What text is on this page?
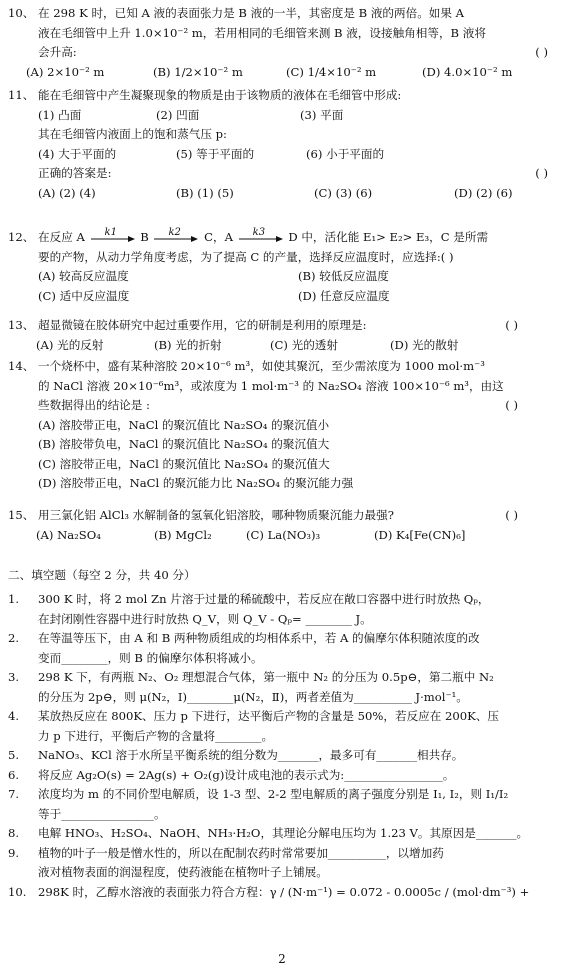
10、 在 298 K 时，已知 A 液的表面张力是 B 液的一半，其密度是 B 液的两倍。如果 A
液在毛细管中上升 1.0×10⁻² m，若用相同的毛细管来测 B 液，设接触角相等，B 液将
会升高:	( )
(A) 2×10⁻² m	(B) 1/2×10⁻² m	(C) 1/4×10⁻² m	(D) 4.0×10⁻² m
11、 能在毛细管中产生凝聚现象的物质是由于该物质的液体在毛细管中形成:
(1) 凸面	(2) 凹面	(3) 平面
其在毛细管内液面上的饱和蒸气压 p:
(4) 大于平面的	(5) 等于平面的	(6) 小于平面的
正确的答案是:	( )
(A) (2) (4)	(B) (1) (5)	(C) (3) (6)	(D) (2) (6)
12、 在反应 A k1 B k2 C，A k3 D 中，活化能 E₁> E₂> E₃，C 是所需
要的产物，从动力学角度考虑，为了提高 C 的产量，选择反应温度时，应选择:( )
(A) 较高反应温度	(B) 较低反应温度
(C) 适中反应温度	(D) 任意反应温度
13、 超显微镜在胶体研究中起过重要作用，它的研制是利用的原理是:	( )
(A) 光的反射	(B) 光的折射	(C) 光的透射	(D) 光的散射
14、 一个烧杯中，盛有某种溶胶 20×10⁻⁶ m³，如使其聚沉，至少需浓度为 1000 mol·m⁻³
的 NaCl 溶液 20×10⁻⁶m³，或浓度为 1 mol·m⁻³ 的 Na₂SO₄ 溶液 100×10⁻⁶ m³，由这
些数据得出的结论是 :	( )
(A) 溶胶带正电，NaCl 的聚沉值比 Na₂SO₄ 的聚沉值小
(B) 溶胶带负电，NaCl 的聚沉值比 Na₂SO₄ 的聚沉值大
(C) 溶胶带正电，NaCl 的聚沉值比 Na₂SO₄ 的聚沉值大
(D) 溶胶带正电，NaCl 的聚沉能力比 Na₂SO₄ 的聚沉能力强
15、 用三氯化铝 AlCl₃ 水解制备的氢氧化铝溶胶，哪种物质聚沉能力最强?	( )
(A) Na₂SO₄	(B) MgCl₂	(C) La(NO₃)₃	(D) K₄[Fe(CN)₆]
二、填空题（每空 2 分，共 40 分）
1. 300 K 时，将 2 mol Zn 片溶于过量的稀硫酸中，若反应在敞口容器中进行时放热 Qₚ，
在封闭刚性容器中进行时放热 Q_V，则 Q_V - Qₚ= ________ J。
2. 在等温等压下，由 A 和 B 两种物质组成的均相体系中，若 A 的偏摩尔体积随浓度的改
变而________，则 B 的偏摩尔体积将减小。
3. 298 K 下，有两瓶 N₂、O₂ 理想混合气体，第一瓶中 N₂ 的分压为 0.5p⊖，第二瓶中 N₂
的分压为 2p⊖，则 μ(N₂，Ⅰ)________μ(N₂，Ⅱ)，两者差值为__________ J·mol⁻¹。
4. 某放热反应在 800K、压力 p 下进行，达平衡后产物的含量是 50%，若反应在 200K、压
力 p 下进行，平衡后产物的含量将________。
5. NaNO₃、KCl 溶于水所呈平衡系统的组分数为_______，最多可有_______相共存。
6. 将反应 Ag₂O(s) = 2Ag(s) + O₂(g)设计成电池的表示式为:_________________。
7. 浓度均为 m 的不同价型电解质，设 1-3 型、2-2 型电解质的离子强度分别是 I₁, I₂，则 I₁/I₂
等于________________。
8. 电解 HNO₃、H₂SO₄、NaOH、NH₃·H₂O，其理论分解电压均为 1.23 V。其原因是_______。
9. 植物的叶子一般是憎水性的，所以在配制农药时常常要加__________，以增加药
液对植物表面的润湿程度，使药液能在植物叶子上铺展。
10. 298K 时，乙醇水溶液的表面张力符合方程：γ / (N·m⁻¹) = 0.072 - 0.0005c / (mol·dm⁻³) +
2
